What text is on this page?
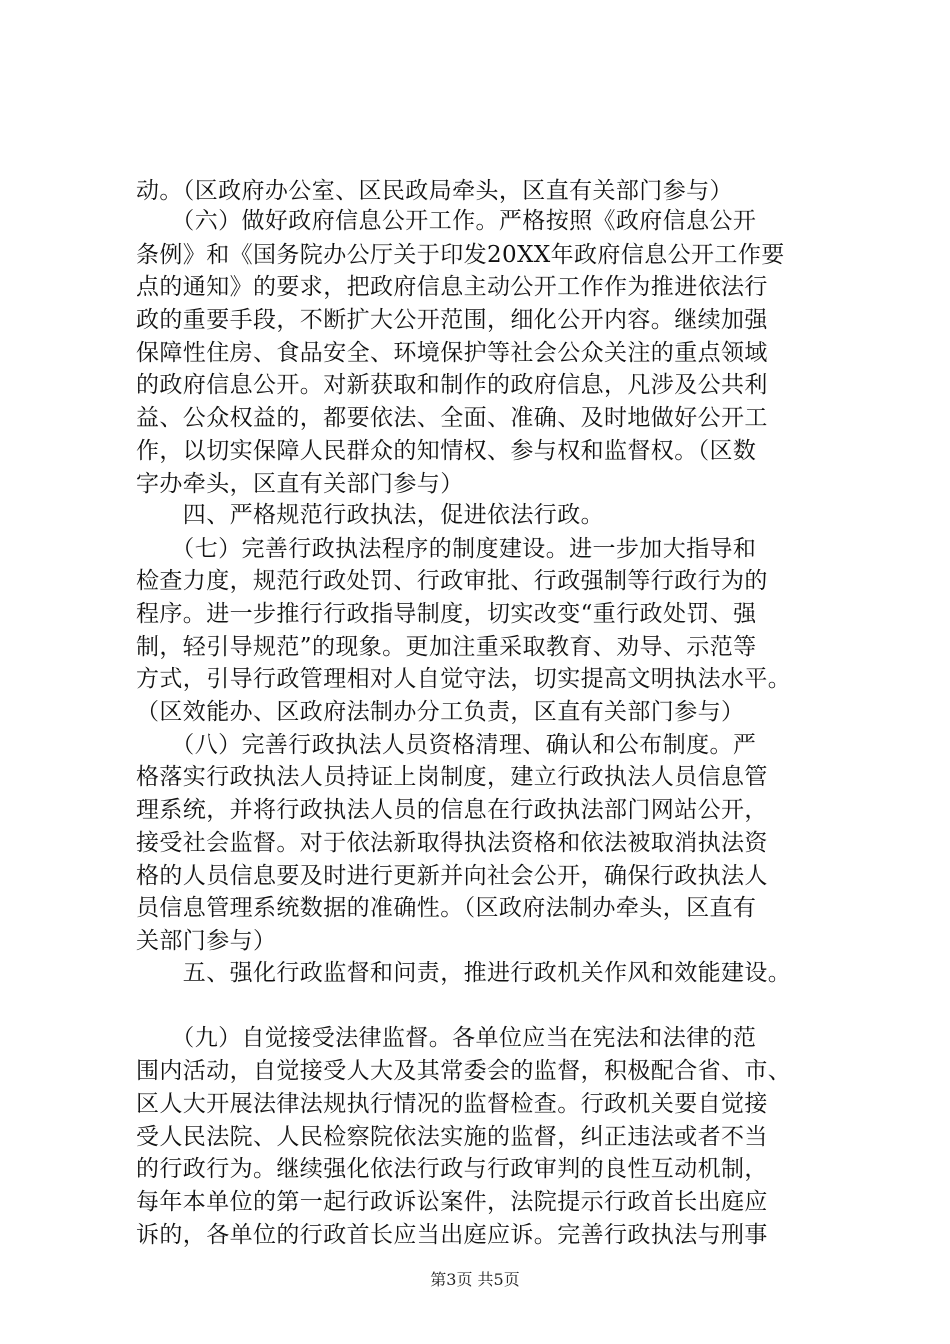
动。（区政府办公室、区民政局牵头，区直有关部门参与）
　　（六）做好政府信息公开工作。严格按照《政府信息公开
条例》和《国务院办公厅关于印发20XX年政府信息公开工作要
点的通知》的要求，把政府信息主动公开工作作为推进依法行
政的重要手段，不断扩大公开范围，细化公开内容。继续加强
保障性住房、食品安全、环境保护等社会公众关注的重点领域
的政府信息公开。对新获取和制作的政府信息，凡涉及公共利
益、公众权益的，都要依法、全面、准确、及时地做好公开工
作，以切实保障人民群众的知情权、参与权和监督权。（区数
字办牵头，区直有关部门参与）
　　四、严格规范行政执法，促进依法行政。
　　（七）完善行政执法程序的制度建设。进一步加大指导和
检查力度，规范行政处罚、行政审批、行政强制等行政行为的
程序。进一步推行行政指导制度，切实改变“重行政处罚、强
制，轻引导规范”的现象。更加注重采取教育、劝导、示范等
方式，引导行政管理相对人自觉守法，切实提高文明执法水平。
（区效能办、区政府法制办分工负责，区直有关部门参与）
　　（八）完善行政执法人员资格清理、确认和公布制度。严
格落实行政执法人员持证上岗制度，建立行政执法人员信息管
理系统，并将行政执法人员的信息在行政执法部门网站公开，
接受社会监督。对于依法新取得执法资格和依法被取消执法资
格的人员信息要及时进行更新并向社会公开，确保行政执法人
员信息管理系统数据的准确性。（区政府法制办牵头，区直有
关部门参与）
　　五、强化行政监督和问责，推进行政机关作风和效能建设。
　　（九）自觉接受法律监督。各单位应当在宪法和法律的范
围内活动，自觉接受人大及其常委会的监督，积极配合省、市、
区人大开展法律法规执行情况的监督检查。行政机关要自觉接
受人民法院、人民检察院依法实施的监督，纠正违法或者不当
的行政行为。继续强化依法行政与行政审判的良性互动机制，
每年本单位的第一起行政诉讼案件，法院提示行政首长出庭应
诉的，各单位的行政首长应当出庭应诉。完善行政执法与刑事
第3页 共5页
